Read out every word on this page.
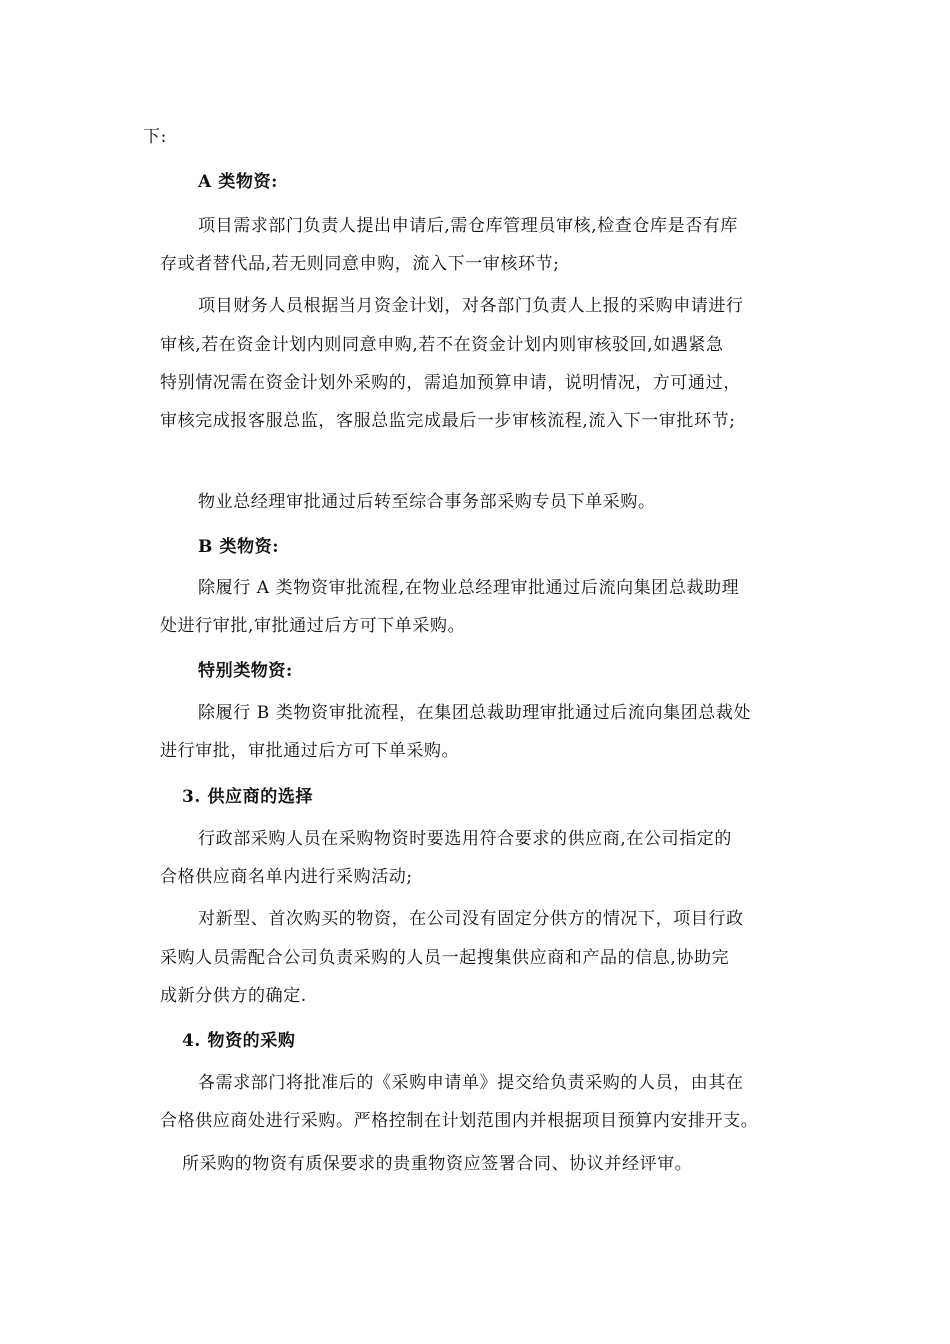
下:
A 类物资:
项目需求部门负责人提出申请后,需仓库管理员审核,检查仓库是否有库
存或者替代品,若无则同意申购，流入下一审核环节;
项目财务人员根据当月资金计划，对各部门负责人上报的采购申请进行
审核,若在资金计划内则同意申购,若不在资金计划内则审核驳回,如遇紧急
特别情况需在资金计划外采购的，需追加预算申请，说明情况，方可通过，
审核完成报客服总监，客服总监完成最后一步审核流程,流入下一审批环节;
物业总经理审批通过后转至综合事务部采购专员下单采购。
B 类物资:
除履行 A 类物资审批流程,在物业总经理审批通过后流向集团总裁助理
处进行审批,审批通过后方可下单采购。
特别类物资:
除履行 B 类物资审批流程，在集团总裁助理审批通过后流向集团总裁处
进行审批，审批通过后方可下单采购。
3. 供应商的选择
行政部采购人员在采购物资时要选用符合要求的供应商,在公司指定的
合格供应商名单内进行采购活动;
对新型、首次购买的物资，在公司没有固定分供方的情况下，项目行政
采购人员需配合公司负责采购的人员一起搜集供应商和产品的信息,协助完
成新分供方的确定.
4. 物资的采购
各需求部门将批准后的《采购申请单》提交给负责采购的人员，由其在
合格供应商处进行采购。严格控制在计划范围内并根据项目预算内安排开支。
所采购的物资有质保要求的贵重物资应签署合同、协议并经评审。
